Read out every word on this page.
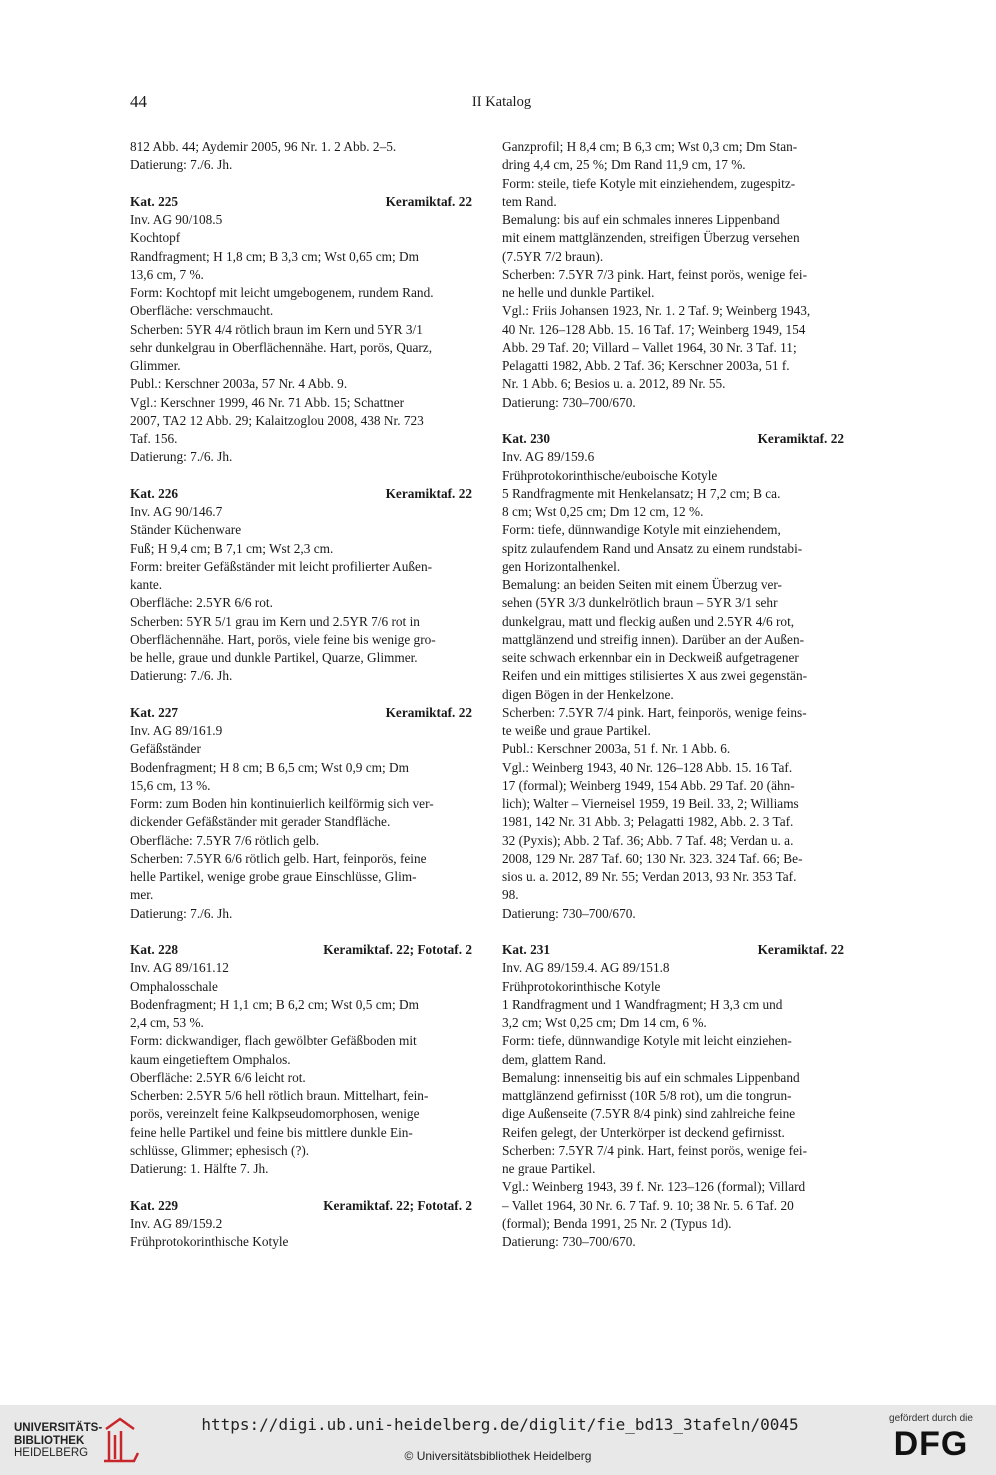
44	II Katalog
812 Abb. 44; Aydemir 2005, 96 Nr. 1. 2 Abb. 2–5.
Datierung: 7./6. Jh.
Kat. 225	Keramiktaf. 22
Inv. AG 90/108.5
Kochtopf
Randfragment; H 1,8 cm; B 3,3 cm; Wst 0,65 cm; Dm
13,6 cm, 7 %.
Form: Kochtopf mit leicht umgebogenem, rundem Rand.
Oberfläche: verschmaucht.
Scherben: 5YR 4/4 rötlich braun im Kern und 5YR 3/1
sehr dunkelgrau in Oberflächennähe. Hart, porös, Quarz,
Glimmer.
Publ.: Kerschner 2003a, 57 Nr. 4 Abb. 9.
Vgl.: Kerschner 1999, 46 Nr. 71 Abb. 15; Schattner
2007, TA2 12 Abb. 29; Kalaitzoglou 2008, 438 Nr. 723
Taf. 156.
Datierung: 7./6. Jh.
Kat. 226	Keramiktaf. 22
Inv. AG 90/146.7
Ständer Küchenware
Fuß; H 9,4 cm; B 7,1 cm; Wst 2,3 cm.
Form: breiter Gefäßständer mit leicht profilierter Außen-
kante.
Oberfläche: 2.5YR 6/6 rot.
Scherben: 5YR 5/1 grau im Kern und 2.5YR 7/6 rot in
Oberflächennähe. Hart, porös, viele feine bis wenige gro-
be helle, graue und dunkle Partikel, Quarze, Glimmer.
Datierung: 7./6. Jh.
Kat. 227	Keramiktaf. 22
Inv. AG 89/161.9
Gefäßständer
Bodenfragment; H 8 cm; B 6,5 cm; Wst 0,9 cm; Dm
15,6 cm, 13 %.
Form: zum Boden hin kontinuierlich keilförmig sich ver-
dickender Gefäßständer mit gerader Standfläche.
Oberfläche: 7.5YR 7/6 rötlich gelb.
Scherben: 7.5YR 6/6 rötlich gelb. Hart, feinporös, feine
helle Partikel, wenige grobe graue Einschlüsse, Glim-
mer.
Datierung: 7./6. Jh.
Kat. 228	Keramiktaf. 22; Fototaf. 2
Inv. AG 89/161.12
Omphalosschale
Bodenfragment; H 1,1 cm; B 6,2 cm; Wst 0,5 cm; Dm
2,4 cm, 53 %.
Form: dickwandiger, flach gewölbter Gefäßboden mit
kaum eingetieftem Omphalos.
Oberfläche: 2.5YR 6/6 leicht rot.
Scherben: 2.5YR 5/6 hell rötlich braun. Mittelhart, fein-
porös, vereinzelt feine Kalkpseudomorphosen, wenige
feine helle Partikel und feine bis mittlere dunkle Ein-
schlüsse, Glimmer; ephesisch (?).
Datierung: 1. Hälfte 7. Jh.
Kat. 229	Keramiktaf. 22; Fototaf. 2
Inv. AG 89/159.2
Frühprotokorinthische Kotyle
Ganzprofil; H 8,4 cm; B 6,3 cm; Wst 0,3 cm; Dm Stan-
dring 4,4 cm, 25 %; Dm Rand 11,9 cm, 17 %.
Form: steile, tiefe Kotyle mit einziehendem, zugespitz-
tem Rand.
Bemalung: bis auf ein schmales inneres Lippenband
mit einem mattglänzenden, streifigen Überzug versehen
(7.5YR 7/2 braun).
Scherben: 7.5YR 7/3 pink. Hart, feinst porös, wenige fei-
ne helle und dunkle Partikel.
Vgl.: Friis Johansen 1923, Nr. 1. 2 Taf. 9; Weinberg 1943,
40 Nr. 126–128 Abb. 15. 16 Taf. 17; Weinberg 1949, 154
Abb. 29 Taf. 20; Villard – Vallet 1964, 30 Nr. 3 Taf. 11;
Pelagatti 1982, Abb. 2 Taf. 36; Kerschner 2003a, 51 f.
Nr. 1 Abb. 6; Besios u. a. 2012, 89 Nr. 55.
Datierung: 730–700/670.
Kat. 230	Keramiktaf. 22
Inv. AG 89/159.6
Frühprotokorinthische/euboische Kotyle
5 Randfragmente mit Henkelansatz; H 7,2 cm; B ca.
8 cm; Wst 0,25 cm; Dm 12 cm, 12 %.
Form: tiefe, dünnwandige Kotyle mit einziehendem,
spitz zulaufendem Rand und Ansatz zu einem rundstabi-
gen Horizontalhenkel.
Bemalung: an beiden Seiten mit einem Überzug ver-
sehen (5YR 3/3 dunkelrötlich braun – 5YR 3/1 sehr
dunkelgrau, matt und fleckig außen und 2.5YR 4/6 rot,
mattglänzend und streifig innen). Darüber an der Außen-
seite schwach erkennbar ein in Deckweiß aufgetragener
Reifen und ein mittiges stilisiertes X aus zwei gegenstän-
digen Bögen in der Henkelzone.
Scherben: 7.5YR 7/4 pink. Hart, feinporös, wenige feins-
te weiße und graue Partikel.
Publ.: Kerschner 2003a, 51 f. Nr. 1 Abb. 6.
Vgl.: Weinberg 1943, 40 Nr. 126–128 Abb. 15. 16 Taf.
17 (formal); Weinberg 1949, 154 Abb. 29 Taf. 20 (ähn-
lich); Walter – Vierneisel 1959, 19 Beil. 33, 2; Williams
1981, 142 Nr. 31 Abb. 3; Pelagatti 1982, Abb. 2. 3 Taf.
32 (Pyxis); Abb. 2 Taf. 36; Abb. 7 Taf. 48; Verdan u. a.
2008, 129 Nr. 287 Taf. 60; 130 Nr. 323. 324 Taf. 66; Be-
sios u. a. 2012, 89 Nr. 55; Verdan 2013, 93 Nr. 353 Taf.
98.
Datierung: 730–700/670.
Kat. 231	Keramiktaf. 22
Inv. AG 89/159.4. AG 89/151.8
Frühprotokorinthische Kotyle
1 Randfragment und 1 Wandfragment; H 3,3 cm und
3,2 cm; Wst 0,25 cm; Dm 14 cm, 6 %.
Form: tiefe, dünnwandige Kotyle mit leicht einziehen-
dem, glattem Rand.
Bemalung: innenseitig bis auf ein schmales Lippenband
mattglänzend gefirnisst (10R 5/8 rot), um die tongrun-
dige Außenseite (7.5YR 8/4 pink) sind zahlreiche feine
Reifen gelegt, der Unterkörper ist deckend gefirnisst.
Scherben: 7.5YR 7/4 pink. Hart, feinst porös, wenige fei-
ne graue Partikel.
Vgl.: Weinberg 1943, 39 f. Nr. 123–126 (formal); Villard
– Vallet 1964, 30 Nr. 6. 7 Taf. 9. 10; 38 Nr. 5. 6 Taf. 20
(formal); Benda 1991, 25 Nr. 2 (Typus 1d).
Datierung: 730–700/670.
UNIVERSITÄTS-
BIBLIOTHEK
HEIDELBERG
https://digi.ub.uni-heidelberg.de/diglit/fie_bd13_3tafeln/0045
© Universitätsbibliothek Heidelberg
gefördert durch die
DFG
